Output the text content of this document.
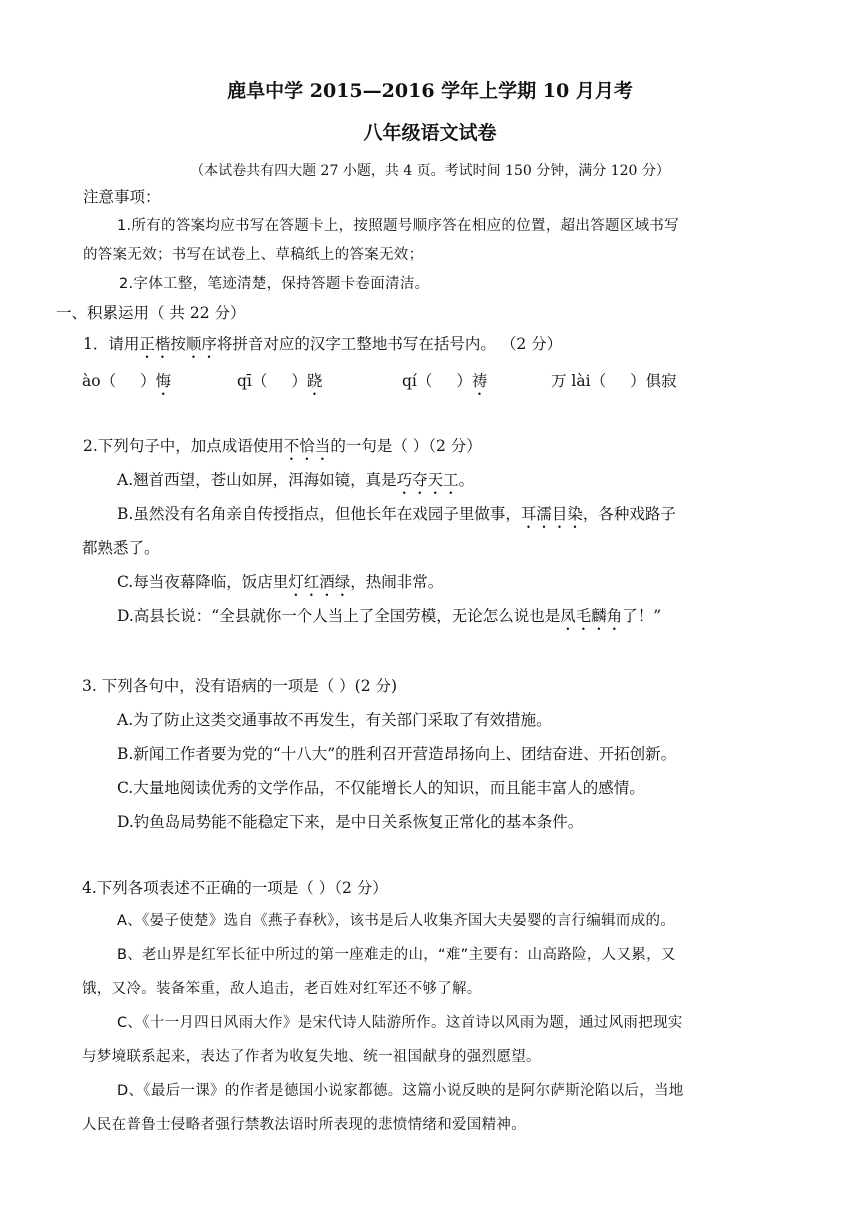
鹿阜中学 2015—2016 学年上学期 10 月月考
八年级语文试卷
（本试卷共有四大题 27 小题，共 4 页。考试时间 150 分钟，满分 120 分）
注意事项：
1.所有的答案均应书写在答题卡上，按照题号顺序答在相应的位置，超出答题区域书写
的答案无效；书写在试卷上、草稿纸上的答案无效；
2.字体工整，笔迹清楚，保持答题卡卷面清洁。
一、积累运用（ 共 22 分）
1．请用正楷按顺序将拼音对应的汉字工整地书写在括号内。 （2 分）
ào（ ）悔	qī（ ）跷	qí（ ）祷	万 lài（ ）俱寂
2.下列句子中，加点成语使用不恰当的一句是（ ）（2 分）
A.翘首西望，苍山如屏，洱海如镜，真是巧夺天工。
B.虽然没有名角亲自传授指点，但他长年在戏园子里做事，耳濡目染，各种戏路子
都熟悉了。
C.每当夜幕降临，饭店里灯红酒绿，热闹非常。
D.高县长说：“全县就你一个人当上了全国劳模，无论怎么说也是凤毛麟角了！”
3. 下列各句中，没有语病的一项是（ ）(2 分)
A.为了防止这类交通事故不再发生，有关部门采取了有效措施。
B.新闻工作者要为党的“十八大”的胜利召开营造昂扬向上、团结奋进、开拓创新。
C.大量地阅读优秀的文学作品，不仅能增长人的知识，而且能丰富人的感情。
D.钓鱼岛局势能不能稳定下来，是中日关系恢复正常化的基本条件。
4.下列各项表述不正确的一项是（ ）（2 分）
A、《晏子使楚》选自《燕子春秋》，该书是后人收集齐国大夫晏婴的言行编辑而成的。
B、老山界是红军长征中所过的第一座难走的山，“难”主要有：山高路险，人又累，又
饿，又冷。装备笨重，敌人追击，老百姓对红军还不够了解。
C、《十一月四日风雨大作》是宋代诗人陆游所作。这首诗以风雨为题，通过风雨把现实
与梦境联系起来，表达了作者为收复失地、统一祖国献身的强烈愿望。
D、《最后一课》的作者是德国小说家都德。这篇小说反映的是阿尔萨斯沦陷以后，当地
人民在普鲁士侵略者强行禁教法语时所表现的悲愤情绪和爱国精神。
